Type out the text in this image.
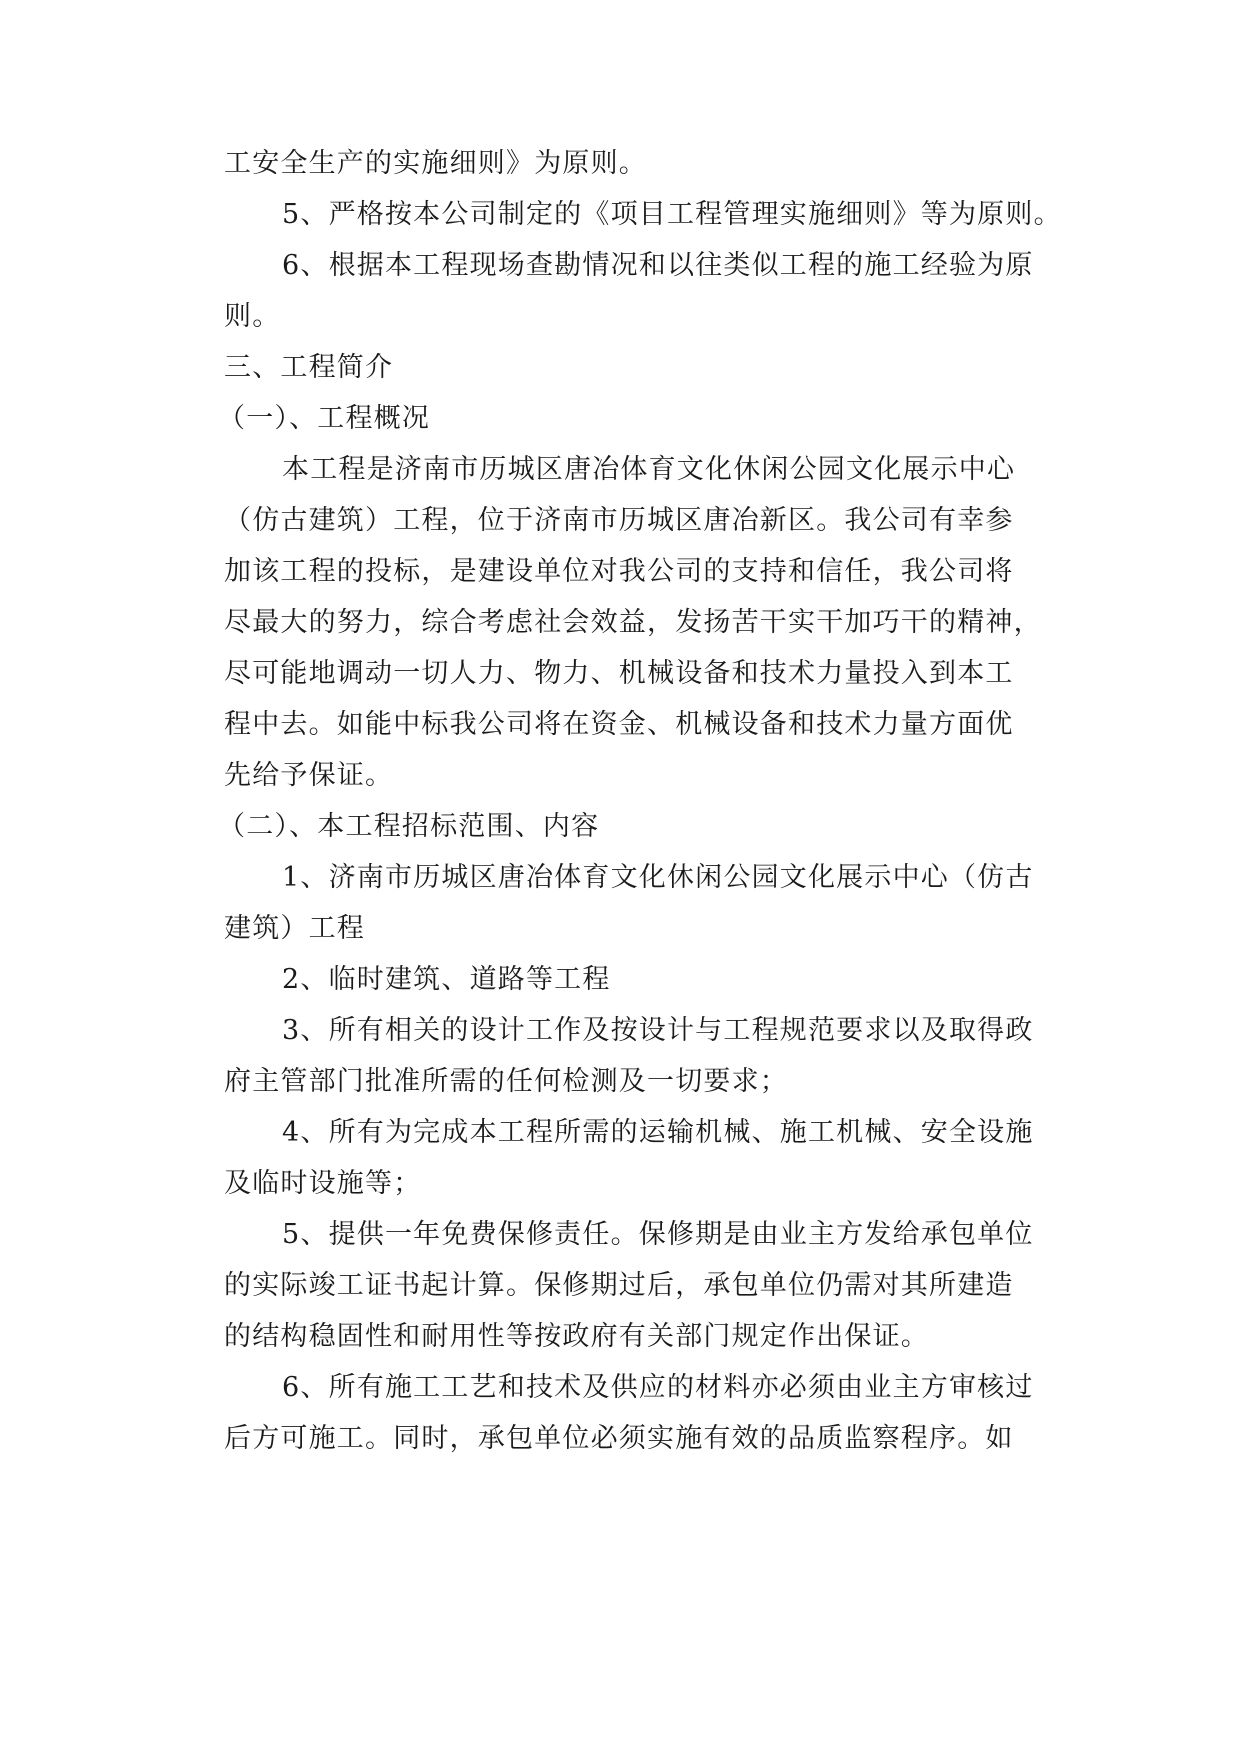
工安全生产的实施细则》为原则。
5、严格按本公司制定的《项目工程管理实施细则》等为原则。
6、根据本工程现场查勘情况和以往类似工程的施工经验为原
则。
三、工程简介
（一）、工程概况
本工程是济南市历城区唐冶体育文化休闲公园文化展示中心
（仿古建筑）工程，位于济南市历城区唐冶新区。我公司有幸参
加该工程的投标，是建设单位对我公司的支持和信任，我公司将
尽最大的努力，综合考虑社会效益，发扬苦干实干加巧干的精神，
尽可能地调动一切人力、物力、机械设备和技术力量投入到本工
程中去。如能中标我公司将在资金、机械设备和技术力量方面优
先给予保证。
（二）、本工程招标范围、内容
1、济南市历城区唐冶体育文化休闲公园文化展示中心（仿古
建筑）工程
2、临时建筑、道路等工程
3、所有相关的设计工作及按设计与工程规范要求以及取得政
府主管部门批准所需的任何检测及一切要求；
4、所有为完成本工程所需的运输机械、施工机械、安全设施
及临时设施等；
5、提供一年免费保修责任。保修期是由业主方发给承包单位
的实际竣工证书起计算。保修期过后，承包单位仍需对其所建造
的结构稳固性和耐用性等按政府有关部门规定作出保证。
6、所有施工工艺和技术及供应的材料亦必须由业主方审核过
后方可施工。同时，承包单位必须实施有效的品质监察程序。如
